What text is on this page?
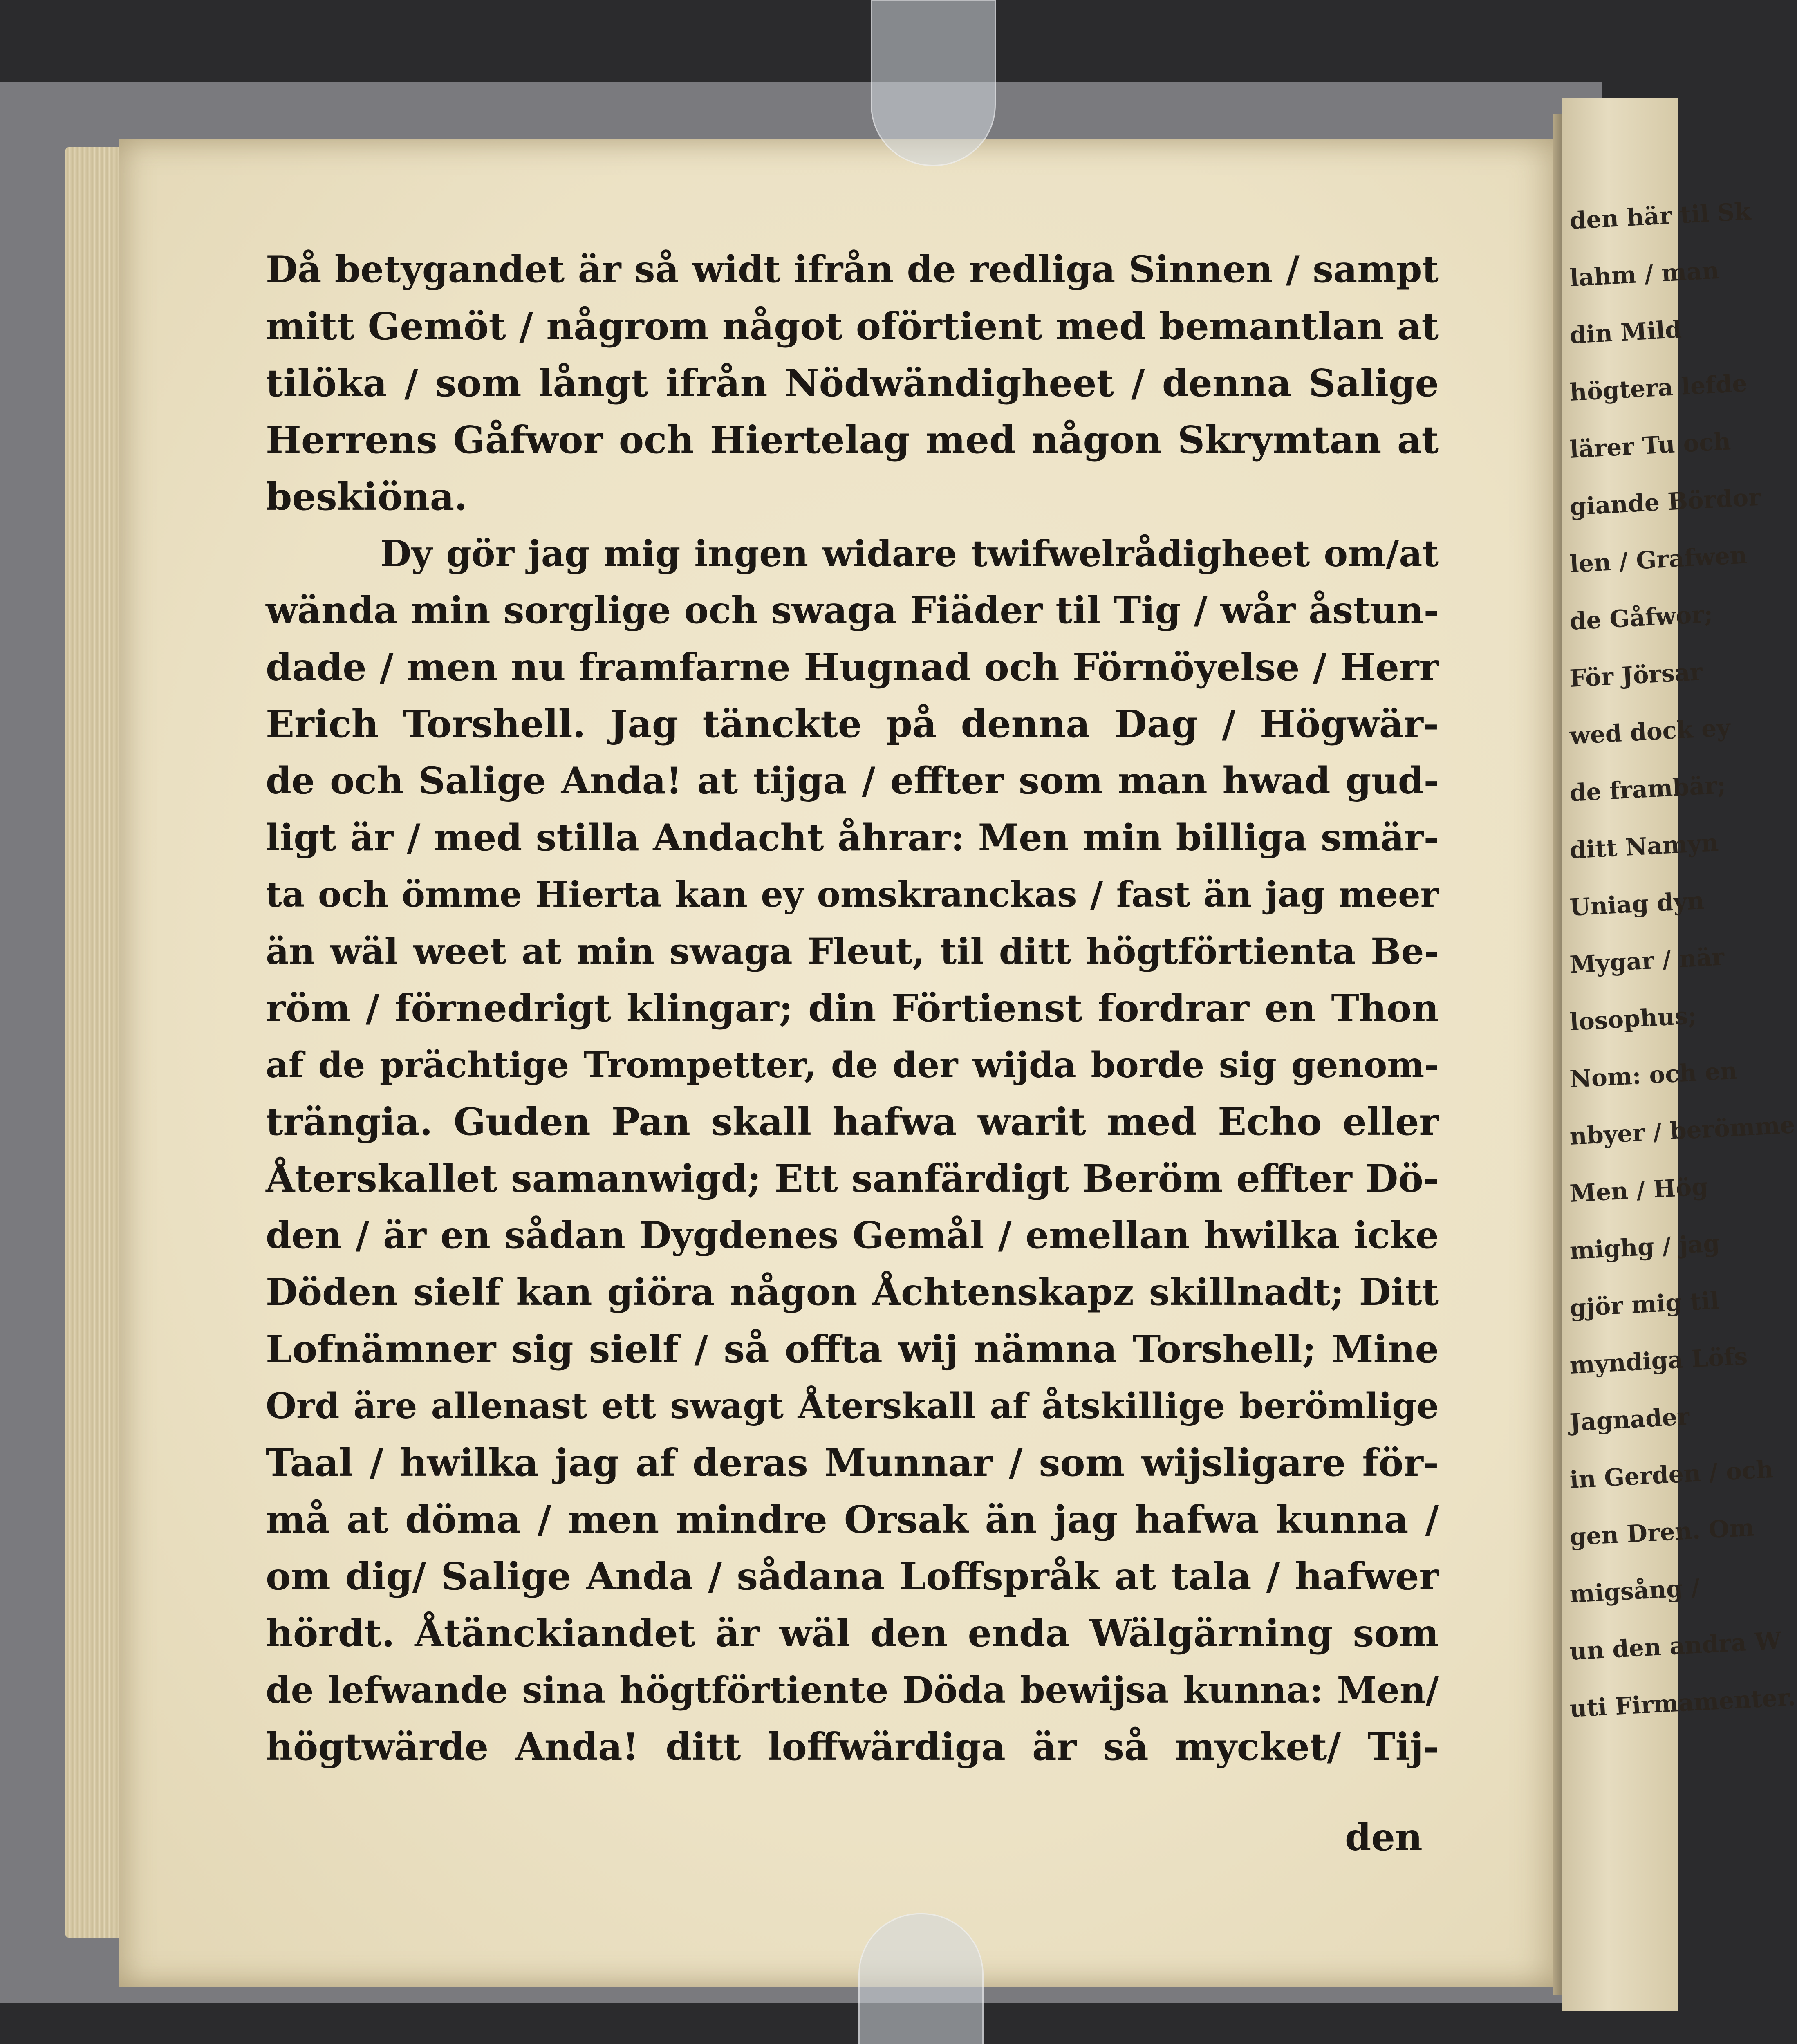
den här til Sk
lahm / man
din Mild
högtera lefde
lärer Tu och
giande Bördor
len / Grafwen
de Gåfwor;
För Jörsar
wed dock ey
de frambär;
ditt Namyn
Uniag dyn
Mygar / när
losophus;
Nom: och en
nbyer / berömme
Men / Hög
mighg / jag
gjör mig til
myndiga Löfs
Jagnader
in Gerden / och
gen Dren. Om
migsång /
un den andra W
uti Firmamenter.
Då betygandet är så widt ifrån de redliga Sinnen / sampt
mitt Gemöt / någrom något oförtient med bemantlan at
tilöka / som långt ifrån Nödwändigheet / denna Salige
Herrens Gåfwor och Hiertelag med någon Skrymtan at
beskiöna.
Dy gör jag mig ingen widare twifwelrådigheet om/at
wända min sorglige och swaga Fiäder til Tig / wår åstun-
dade / men nu framfarne Hugnad och Förnöyelse / Herr
Erich Torshell. Jag tänckte på denna Dag / Högwär-
de och Salige Anda! at tijga / effter som man hwad gud-
ligt är / med stilla Andacht åhrar: Men min billiga smär-
ta och ömme Hierta kan ey omskranckas / fast än jag meer
än wäl weet at min swaga Fleut, til ditt högtförtienta Be-
röm / förnedrigt klingar; din Förtienst fordrar en Thon
af de prächtige Trompetter, de der wijda borde sig genom-
trängia. Guden Pan skall hafwa warit med Echo eller
Återskallet samanwigd; Ett sanfärdigt Beröm effter Dö-
den / är en sådan Dygdenes Gemål / emellan hwilka icke
Döden sielf kan giöra någon Åchtenskapz skillnadt; Ditt
Lofnämner sig sielf / så offta wij nämna Torshell; Mine
Ord äre allenast ett swagt Återskall af åtskillige berömlige
Taal / hwilka jag af deras Munnar / som wijsligare för-
må at döma / men mindre Orsak än jag hafwa kunna /
om dig/ Salige Anda / sådana Loffspråk at tala / hafwer
hördt. Åtänckiandet är wäl den enda Wälgärning som
de lefwande sina högtförtiente Döda bewijsa kunna: Men/
högtwärde Anda! ditt loffwärdiga är så mycket/ Tij-
den
